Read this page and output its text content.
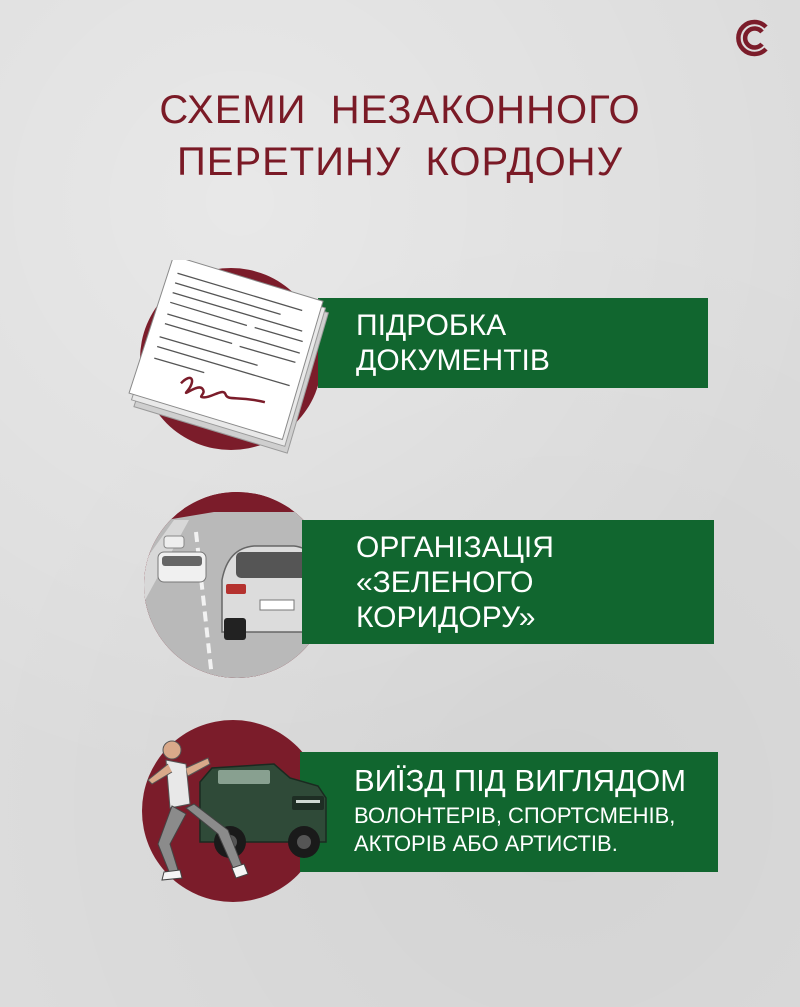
СХЕМИ  НЕЗАКОННОГО
ПЕРЕТИНУ  КОРДОНУ
ПІДРОБКА
ДОКУМЕНТІВ
ОРГАНІЗАЦІЯ
«ЗЕЛЕНОГО
КОРИДОРУ»
ВИЇЗД ПІД ВИГЛЯДОМ
ВОЛОНТЕРІВ, СПОРТСМЕНІВ,
АКТОРІВ АБО АРТИСТІВ.
